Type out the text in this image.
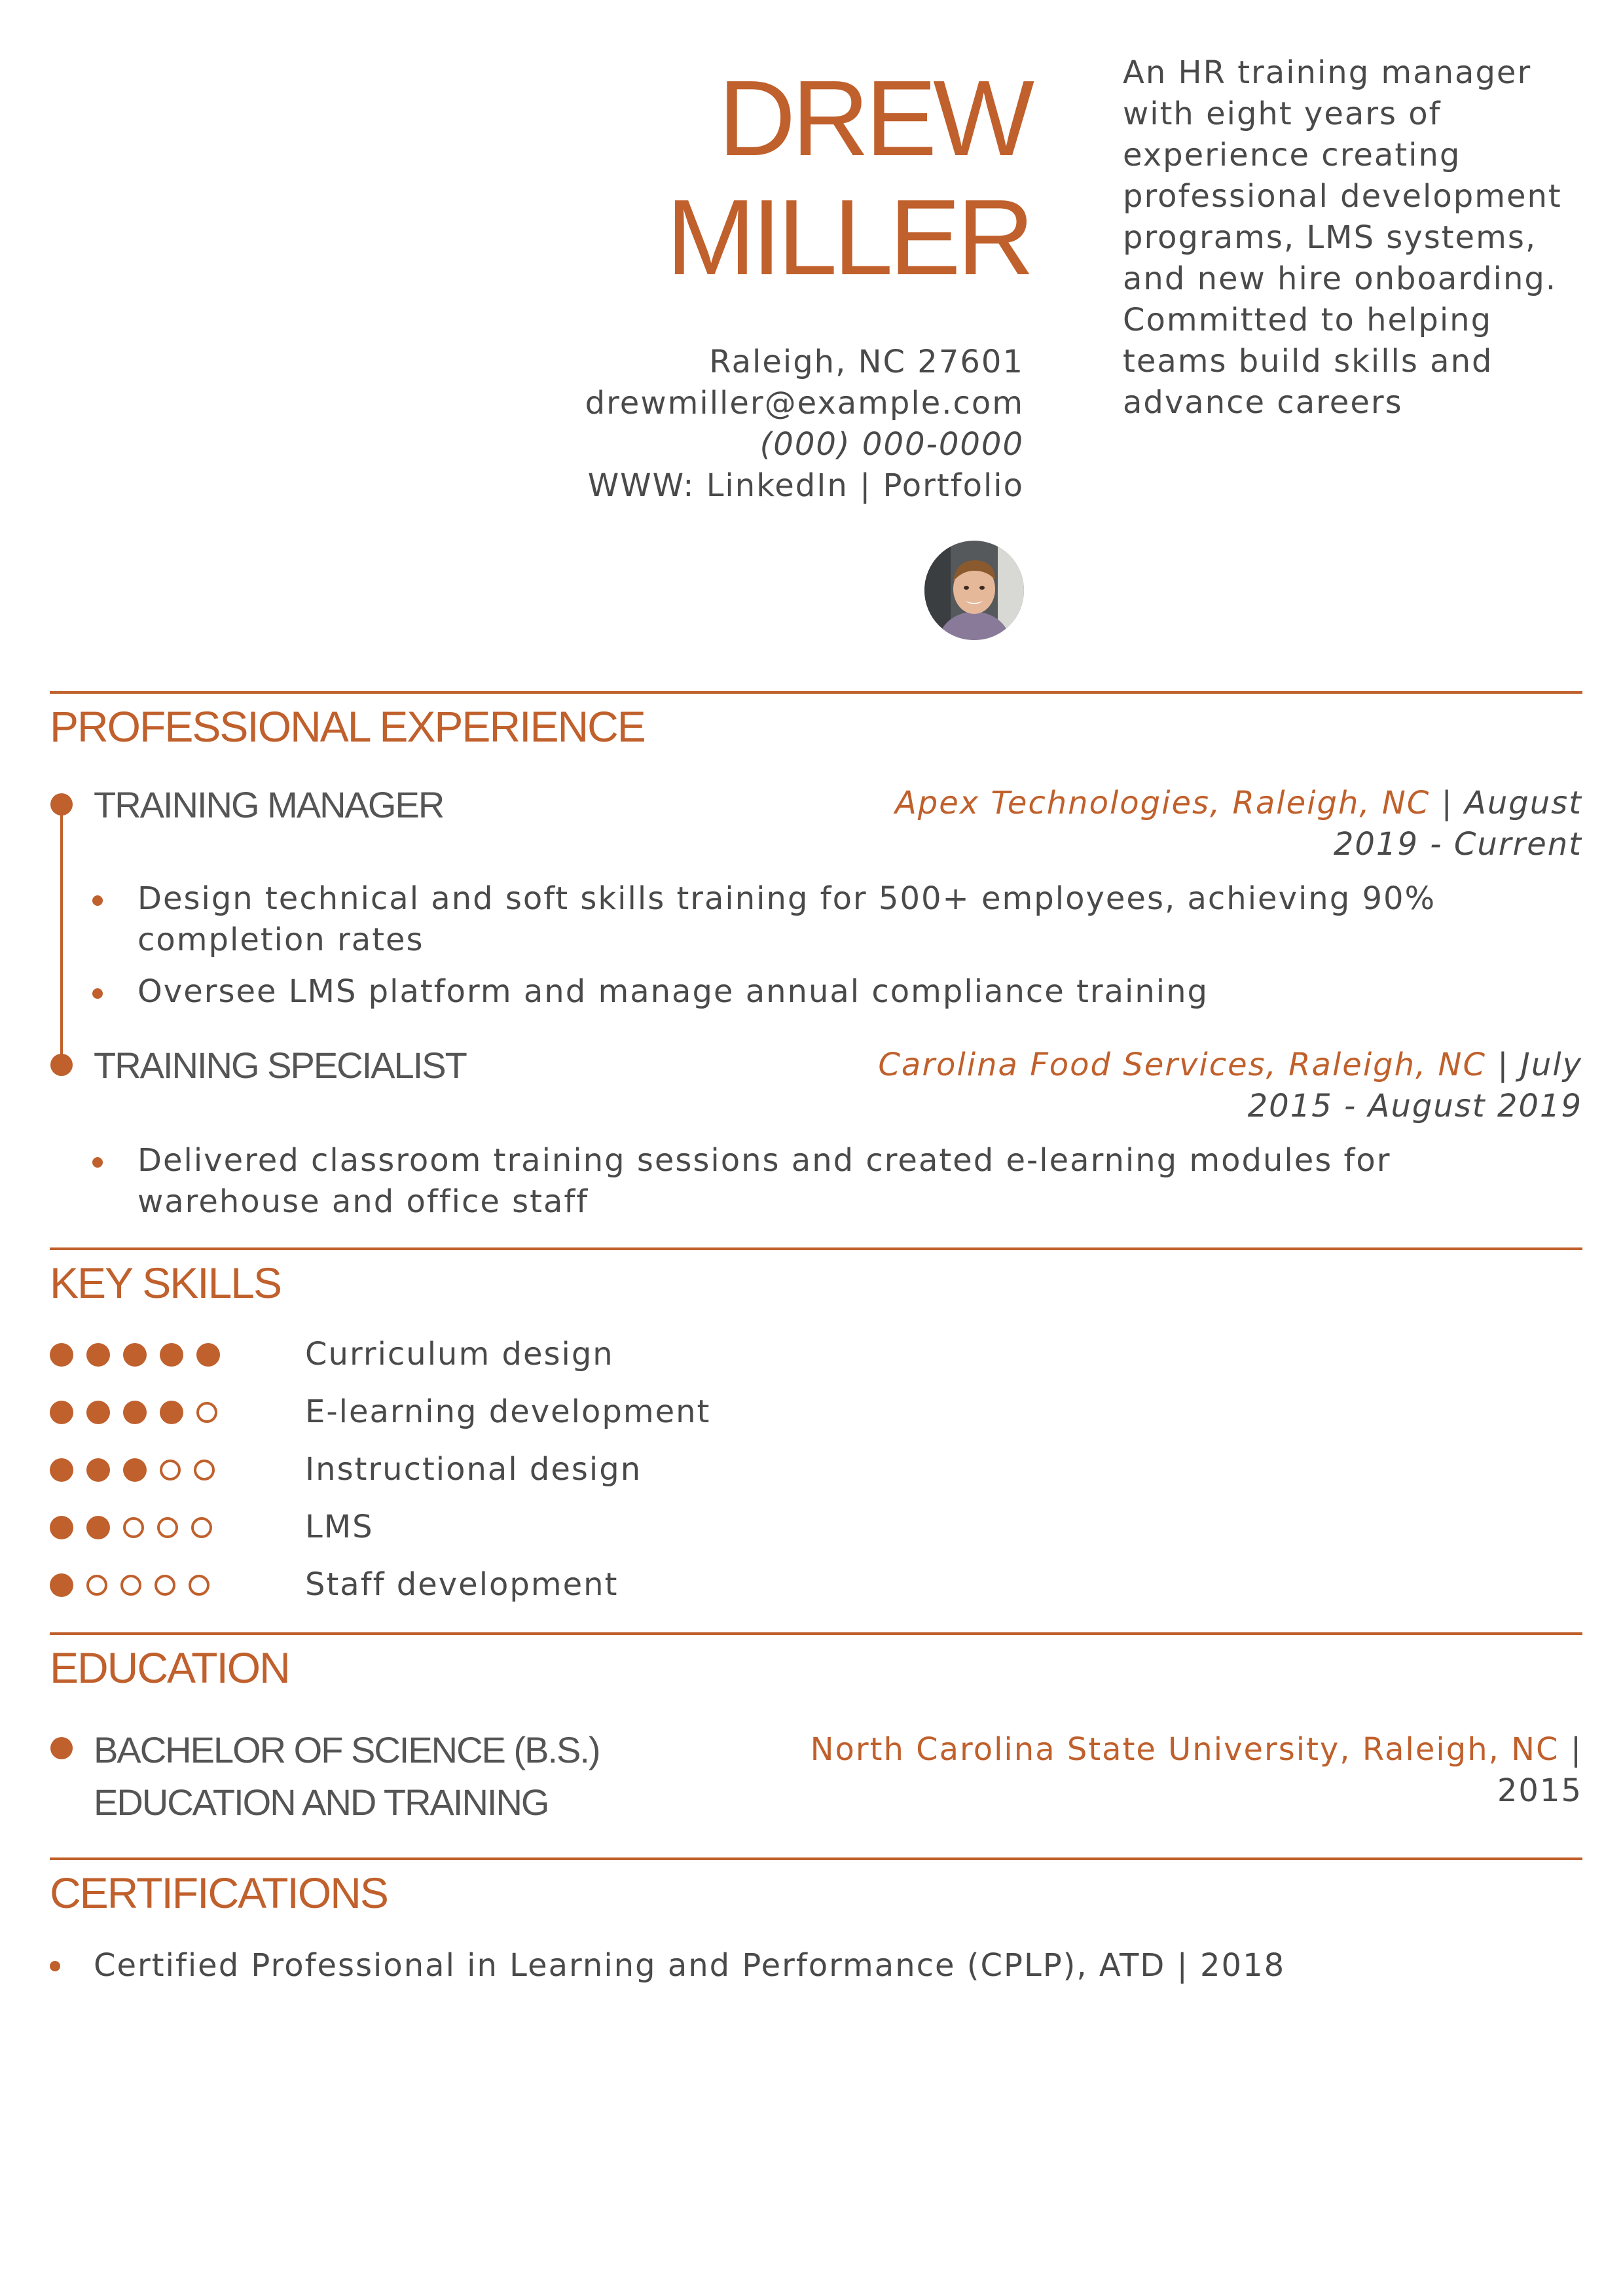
DREW
MILLER
Raleigh, NC 27601
drewmiller@example.com
(000) 000-0000
WWW: LinkedIn | Portfolio
An HR training manager with eight years of experience creating professional development programs, LMS systems, and new hire onboarding. Committed to helping teams build skills and advance careers
PROFESSIONAL EXPERIENCE
TRAINING MANAGER	Apex Technologies, Raleigh, NC | August 2019 - Current
Design technical and soft skills training for 500+ employees, achieving 90% completion rates
Oversee LMS platform and manage annual compliance training
TRAINING SPECIALIST	Carolina Food Services, Raleigh, NC | July 2015 - August 2019
Delivered classroom training sessions and created e-learning modules for warehouse and office staff
KEY SKILLS
Curriculum design
E-learning development
Instructional design
LMS
Staff development
EDUCATION
BACHELOR OF SCIENCE (B.S.)
EDUCATION AND TRAINING
North Carolina State University, Raleigh, NC | 2015
CERTIFICATIONS
Certified Professional in Learning and Performance (CPLP), ATD | 2018
